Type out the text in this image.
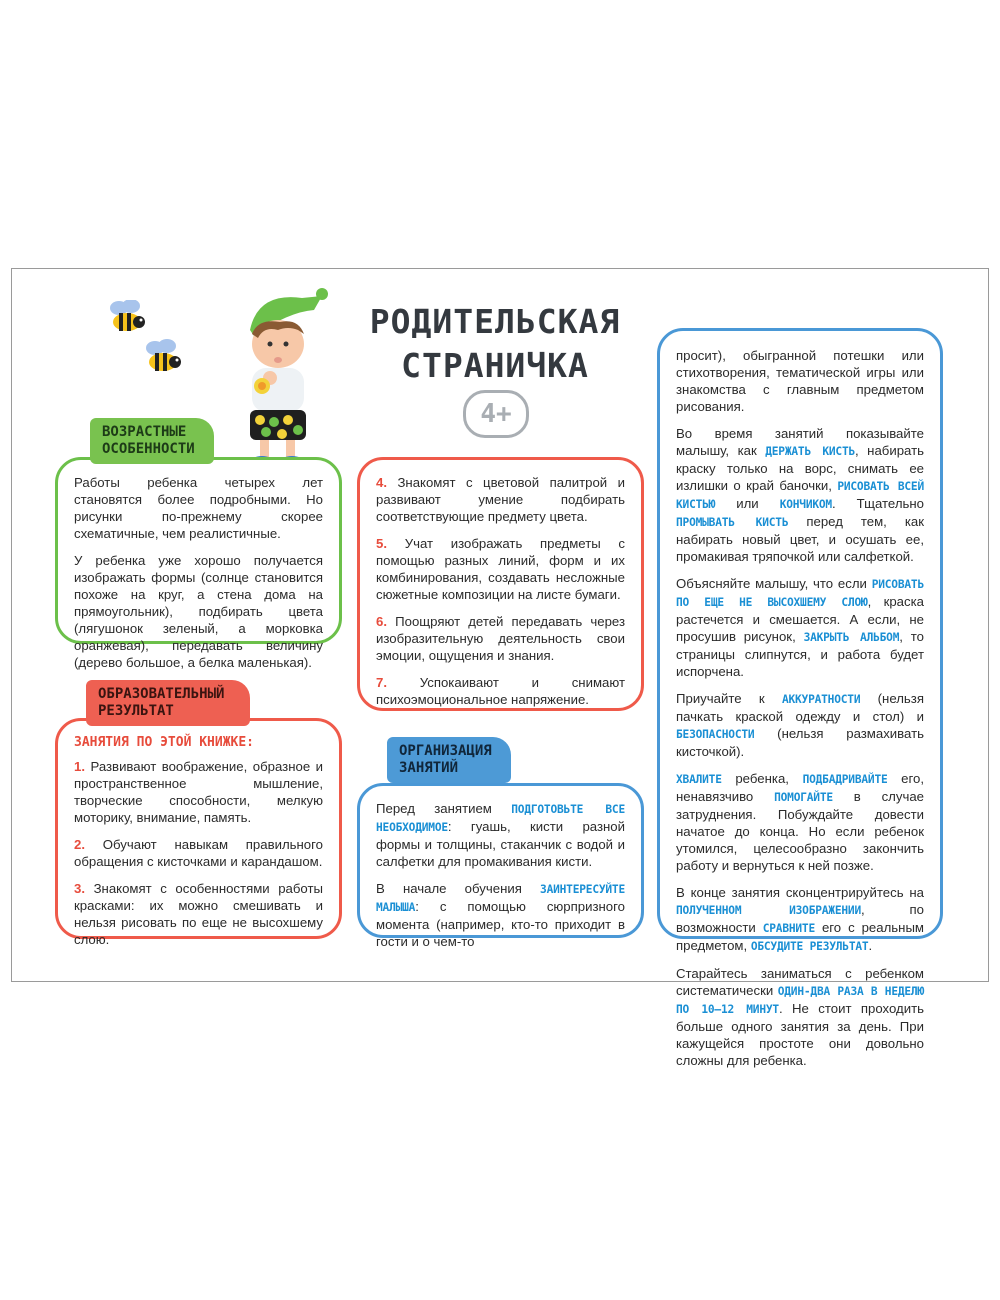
РОДИТЕЛЬСКАЯ
СТРАНИЧКА
4+

Работы ребенка четырех лет становятся более подробными. Но рисунки по-прежнему скорее схематичные, чем реалистичные.

У ребенка уже хорошо получается изображать формы (солнце становится похоже на круг, а стена дома на прямоугольник), подбирать цвета (лягушонок зеленый, а морковка оранжевая), передавать величину (дерево большое, а белка маленькая).

ВОЗРАСТНЫЕ ОСОБЕННОСТИ
ЗАНЯТИЯ ПО ЭТОЙ КНИЖКЕ:

1. Развивают воображение, образное и пространственное мышление, творческие способности, мелкую моторику, внимание, память.

2. Обучают навыкам правильного обращения с кисточками и карандашом.

3. Знакомят с особенностями работы красками: их можно смешивать и нельзя рисовать по еще не высохшему слою.

ОБРАЗОВАТЕЛЬНЫЙ РЕЗУЛЬТАТ

4. Знакомят с цветовой палитрой и развивают умение подбирать соответствующие предмету цвета.

5. Учат изображать предметы с помощью разных линий, форм и их комбинирования, создавать несложные сюжетные композиции на листе бумаги.

6. Поощряют детей передавать через изобразительную деятельность свои эмоции, ощущения и знания.

7. Успокаивают и снимают психоэмоциональное напряжение.

Перед занятием ПОДГОТОВЬТЕ ВСЕ НЕОБХОДИМОЕ: гуашь, кисти разной формы и толщины, стаканчик с водой и салфетки для промакивания кисти.

В начале обучения ЗАИНТЕРЕСУЙТЕ МАЛЫША: с помощью сюрпризного момента (например, кто-то приходит в гости и о чем-то

ОРГАНИЗАЦИЯ ЗАНЯТИЙ

просит), обыгранной потешки или стихотворения, тематической игры или знакомства с главным предметом рисования.

Во время занятий показывайте малышу, как ДЕРЖАТЬ КИСТЬ, набирать краску только на ворс, снимать ее излишки о край баночки, РИСОВАТЬ ВСЕЙ КИСТЬЮ или КОНЧИКОМ. Тщательно ПРОМЫВАТЬ КИСТЬ перед тем, как набирать новый цвет, и осушать ее, промакивая тряпочкой или салфеткой.

Объясняйте малышу, что если РИСОВАТЬ ПО ЕЩЕ НЕ ВЫСОХШЕМУ СЛОЮ, краска растечется и смешается. А если, не просушив рисунок, ЗАКРЫТЬ АЛЬБОМ, то страницы слипнутся, и работа будет испорчена.

Приучайте к АККУРАТНОСТИ (нельзя пачкать краской одежду и стол) и БЕЗОПАСНОСТИ (нельзя размахивать кисточкой).

ХВАЛИТЕ ребенка, ПОДБАДРИВАЙТЕ его, ненавязчиво ПОМОГАЙТЕ в случае затруднения. Побуждайте довести начатое до конца. Но если ребенок утомился, целесообразно закончить работу и вернуться к ней позже.

В конце занятия сконцентрируйтесь на ПОЛУЧЕННОМ ИЗОБРАЖЕНИИ, по возможности СРАВНИТЕ его с реальным предметом, ОБСУДИТЕ РЕЗУЛЬТАТ.

Старайтесь заниматься с ребенком систематически ОДИН-ДВА РАЗА В НЕДЕЛЮ ПО 10–12 МИНУТ. Не стоит проходить больше одного занятия за день. При кажущейся простоте они довольно сложны для ребенка.
